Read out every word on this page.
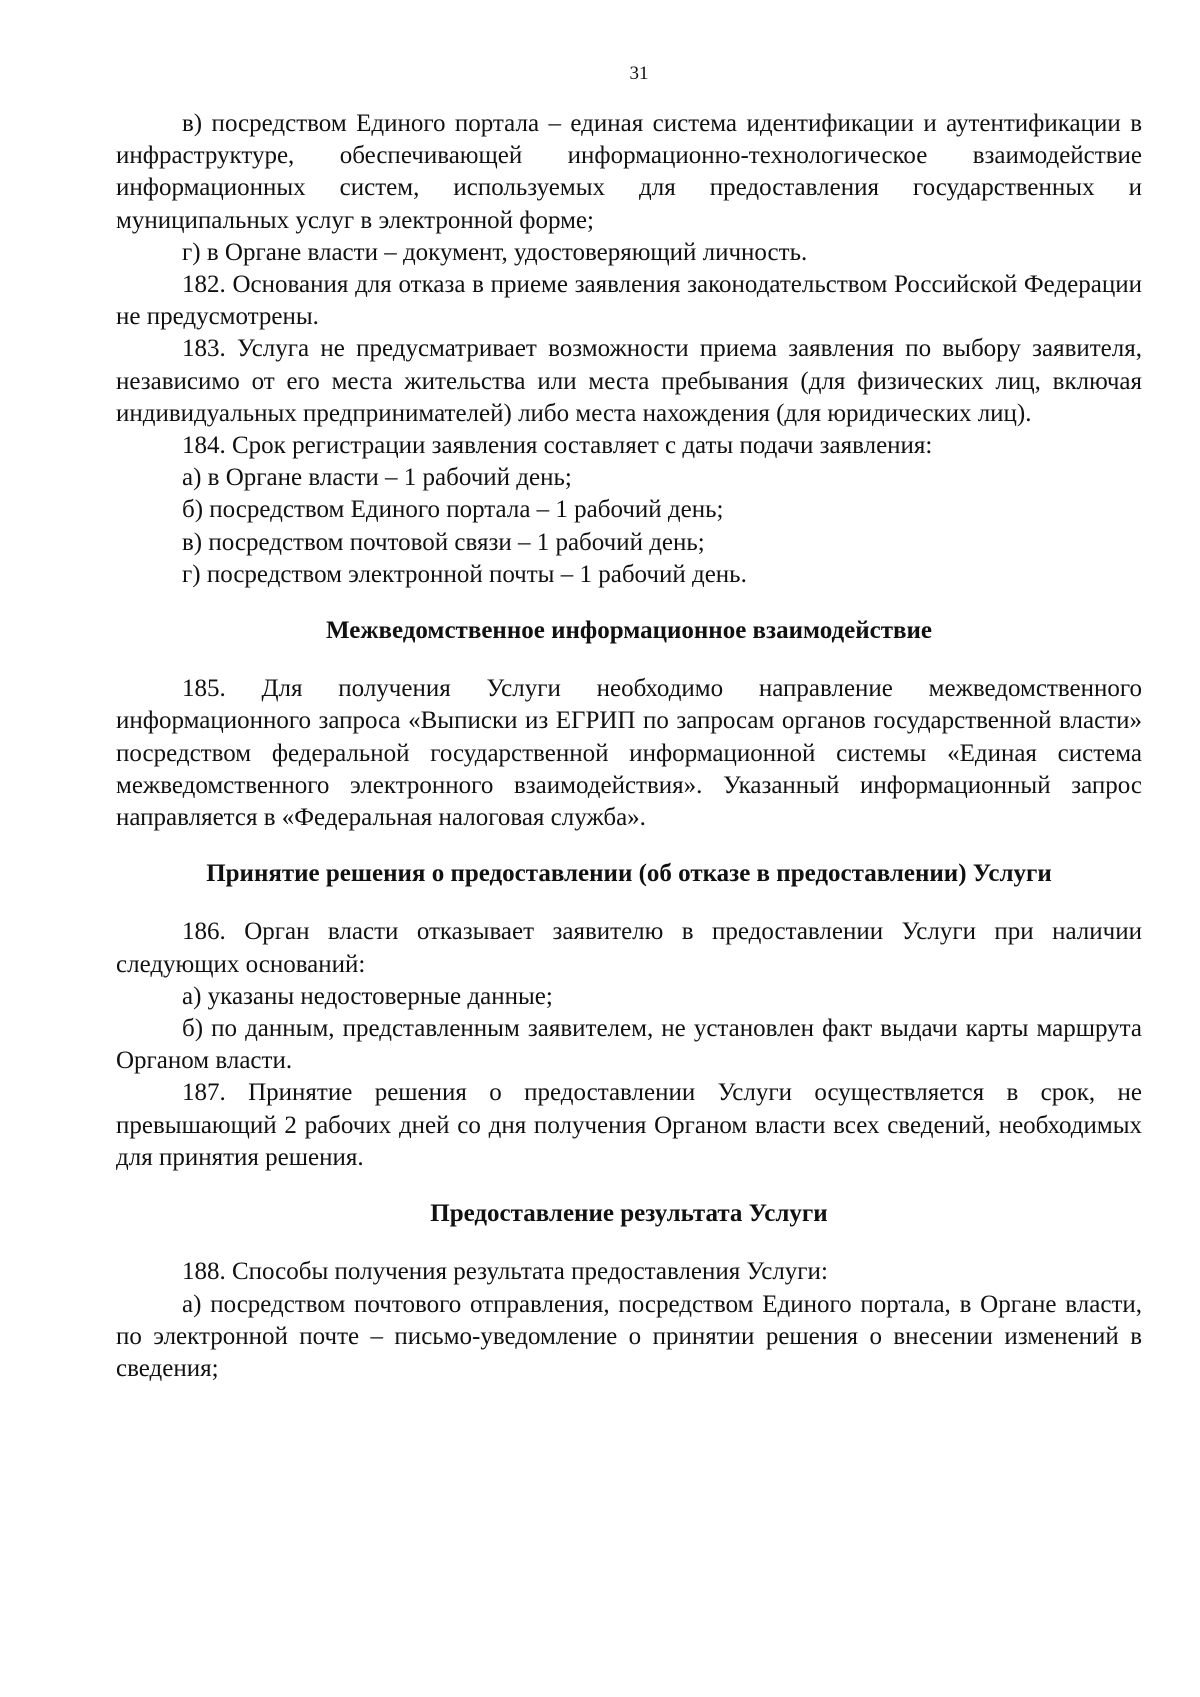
31

в) посредством Единого портала – единая система идентификации и аутентификации в инфраструктуре, обеспечивающей информационно-технологическое взаимодействие информационных систем, используемых для предоставления государственных и муниципальных услуг в электронной форме;

г) в Органе власти – документ, удостоверяющий личность.

182. Основания для отказа в приеме заявления законодательством Российской Федерации не предусмотрены.

183. Услуга не предусматривает возможности приема заявления по выбору заявителя, независимо от его места жительства или места пребывания (для физических лиц, включая индивидуальных предпринимателей) либо места нахождения (для юридических лиц).

184. Срок регистрации заявления составляет с даты подачи заявления:

а) в Органе власти – 1 рабочий день;

б) посредством Единого портала – 1 рабочий день;

в) посредством почтовой связи – 1 рабочий день;

г) посредством электронной почты – 1 рабочий день.

Межведомственное информационное взаимодействие

185. Для получения Услуги необходимо направление межведомственного информационного запроса «Выписки из ЕГРИП по запросам органов государственной власти» посредством федеральной государственной информационной системы «Единая система межведомственного электронного взаимодействия». Указанный информационный запрос направляется в «Федеральная налоговая служба».

Принятие решения о предоставлении (об отказе в предоставлении) Услуги

186. Орган власти отказывает заявителю в предоставлении Услуги при наличии следующих оснований:

а) указаны недостоверные данные;

б) по данным, представленным заявителем, не установлен факт выдачи карты маршрута Органом власти.

187. Принятие решения о предоставлении Услуги осуществляется в срок, не превышающий 2 рабочих дней со дня получения Органом власти всех сведений, необходимых для принятия решения.

Предоставление результата Услуги

188. Способы получения результата предоставления Услуги:

а) посредством почтового отправления, посредством Единого портала, в Органе власти, по электронной почте – письмо-уведомление о принятии решения о внесении изменений в сведения;
